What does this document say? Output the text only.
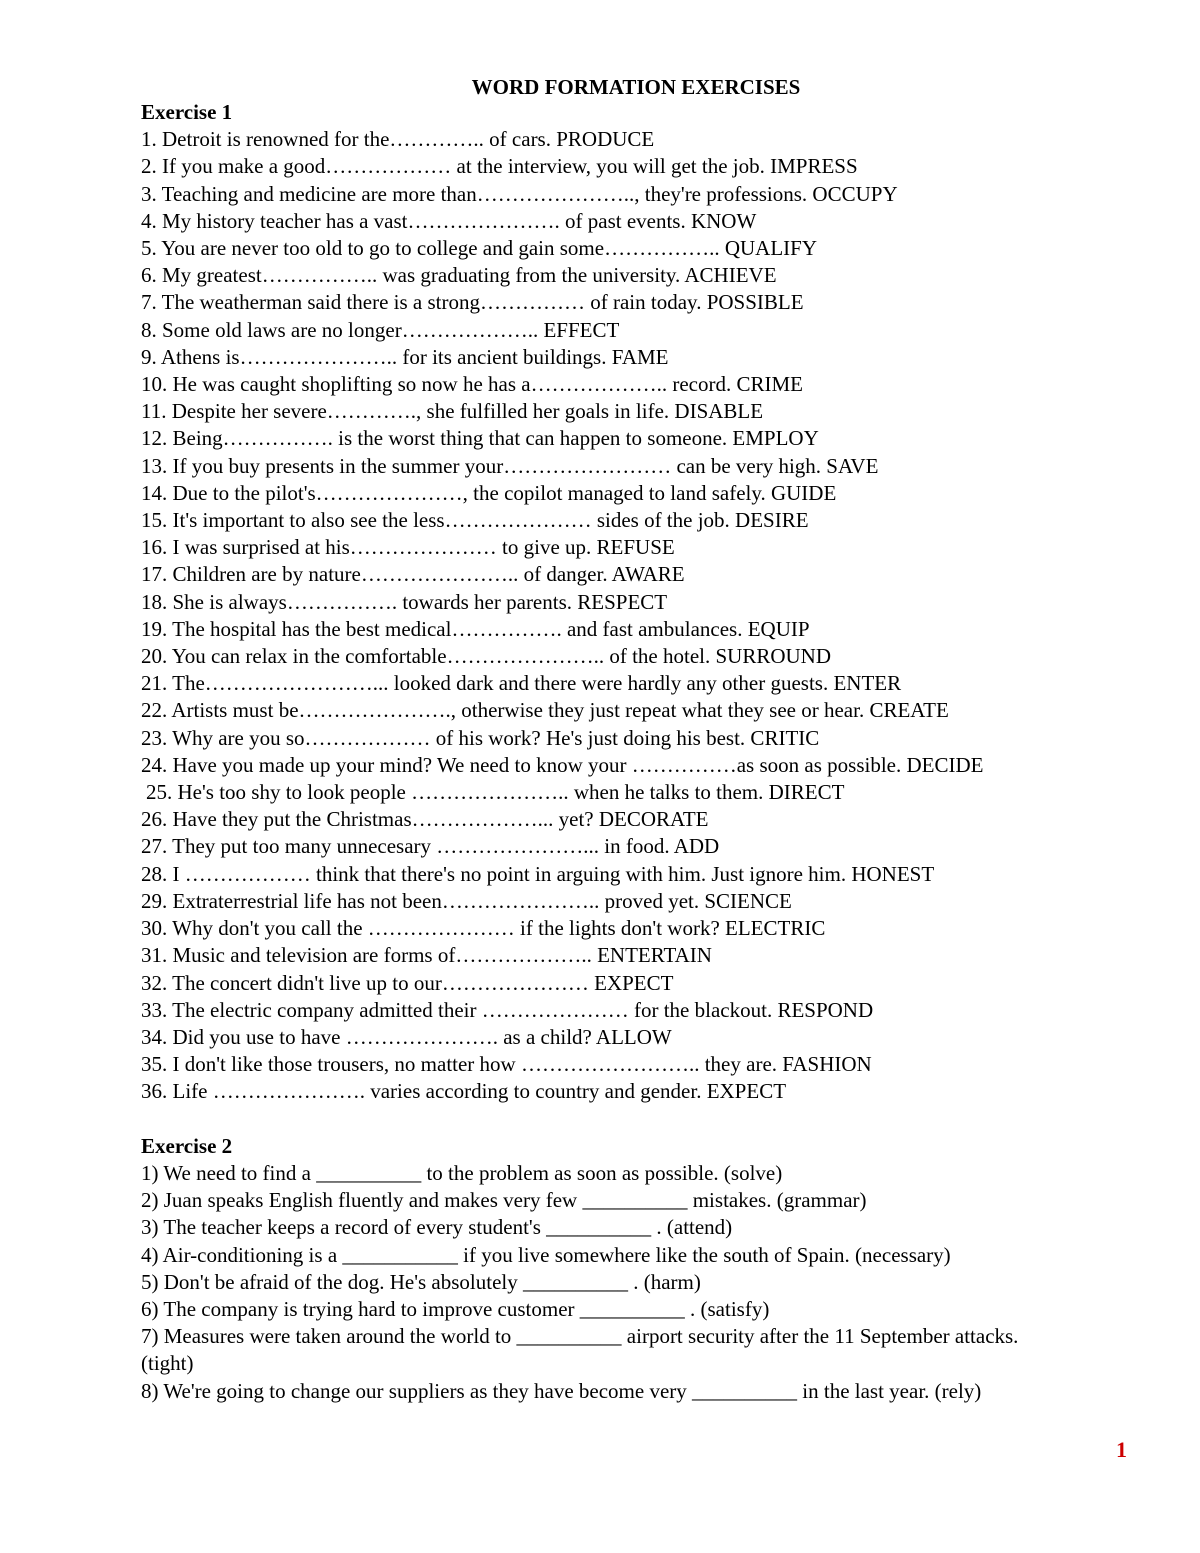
WORD FORMATION EXERCISES
Exercise 1
1. Detroit is renowned for the………….. of cars. PRODUCE
2. If you make a good……………… at the interview, you will get the job. IMPRESS
3. Teaching and medicine are more than………………….., they're professions. OCCUPY
4. My history teacher has a vast…………………. of past events. KNOW
5. You are never too old to go to college and gain some…………….. QUALIFY
6. My greatest…………….. was graduating from the university. ACHIEVE
7. The weatherman said there is a strong…………… of rain today. POSSIBLE
8. Some old laws are no longer……………….. EFFECT
9. Athens is………………….. for its ancient buildings. FAME
10. He was caught shoplifting so now he has a……………….. record. CRIME
11. Despite her severe…………., she fulfilled her goals in life. DISABLE
12. Being……………. is the worst thing that can happen to someone. EMPLOY
13. If you buy presents in the summer your…………………… can be very high. SAVE
14. Due to the pilot's…………………, the copilot managed to land safely. GUIDE
15. It's important to also see the less………………… sides of the job. DESIRE
16. I was surprised at his………………… to give up. REFUSE
17. Children are by nature………………….. of danger. AWARE
18. She is always……………. towards her parents. RESPECT
19. The hospital has the best medical……………. and fast ambulances. EQUIP
20. You can relax in the comfortable………………….. of the hotel. SURROUND
21. The……………………... looked dark and there were hardly any other guests. ENTER
22. Artists must be…………………., otherwise they just repeat what they see or hear. CREATE
23. Why are you so……………… of his work? He's just doing his best. CRITIC
24. Have you made up your mind? We need to know your ……………as soon as possible. DECIDE
25. He's too shy to look people ………………….. when he talks to them. DIRECT
26. Have they put the Christmas………………... yet? DECORATE
27. They put too many unnecesary …………………... in food. ADD
28. I ……………… think that there's no point in arguing with him. Just ignore him. HONEST
29. Extraterrestrial life has not been………………….. proved yet. SCIENCE
30. Why don't you call the ………………… if the lights don't work? ELECTRIC
31. Music and television are forms of……………….. ENTERTAIN
32. The concert didn't live up to our………………… EXPECT
33. The electric company admitted their ………………… for the blackout. RESPOND
34. Did you use to have …………………. as a child? ALLOW
35. I don't like those trousers, no matter how …………………….. they are. FASHION
36. Life …………………. varies according to country and gender. EXPECT
Exercise 2
1) We need to find a __________ to the problem as soon as possible. (solve)
2) Juan speaks English fluently and makes very few __________ mistakes. (grammar)
3) The teacher keeps a record of every student's __________ . (attend)
4) Air-conditioning is a ___________ if you live somewhere like the south of Spain. (necessary)
5) Don't be afraid of the dog. He's absolutely __________ . (harm)
6) The company is trying hard to improve customer __________ . (satisfy)
7) Measures were taken around the world to __________ airport security after the 11 September attacks. (tight)
8) We're going to change our suppliers as they have become very __________ in the last year. (rely)
1
